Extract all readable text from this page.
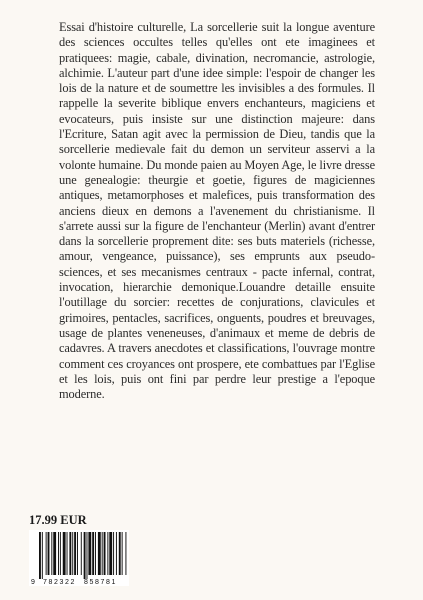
Essai d'histoire culturelle, La sorcellerie suit la longue aventure des sciences occultes telles qu'elles ont ete imaginees et pratiquees: magie, cabale, divination, necromancie, astrologie, alchimie. L'auteur part d'une idee simple: l'espoir de changer les lois de la nature et de soumettre les invisibles a des formules. Il rappelle la severite biblique envers enchanteurs, magiciens et evocateurs, puis insiste sur une distinction majeure: dans l'Ecriture, Satan agit avec la permission de Dieu, tandis que la sorcellerie medievale fait du demon un serviteur asservi a la volonte humaine. Du monde paien au Moyen Age, le livre dresse une genealogie: theurgie et goetie, figures de magiciennes antiques, metamorphoses et malefices, puis transformation des anciens dieux en demons a l'avenement du christianisme. Il s'arrete aussi sur la figure de l'enchanteur (Merlin) avant d'entrer dans la sorcellerie proprement dite: ses buts materiels (richesse, amour, vengeance, puissance), ses emprunts aux pseudo-sciences, et ses mecanismes centraux - pacte infernal, contrat, invocation, hierarchie demonique.Louandre detaille ensuite l'outillage du sorcier: recettes de conjurations, clavicules et grimoires, pentacles, sacrifices, onguents, poudres et breuvages, usage de plantes veneneuses, d'animaux et meme de debris de cadavres. A travers anecdotes et classifications, l'ouvrage montre comment ces croyances ont prospere, ete combattues par l'Eglise et les lois, puis ont fini par perdre leur prestige a l'epoque moderne.

17.99 EUR
9 782322 858781
